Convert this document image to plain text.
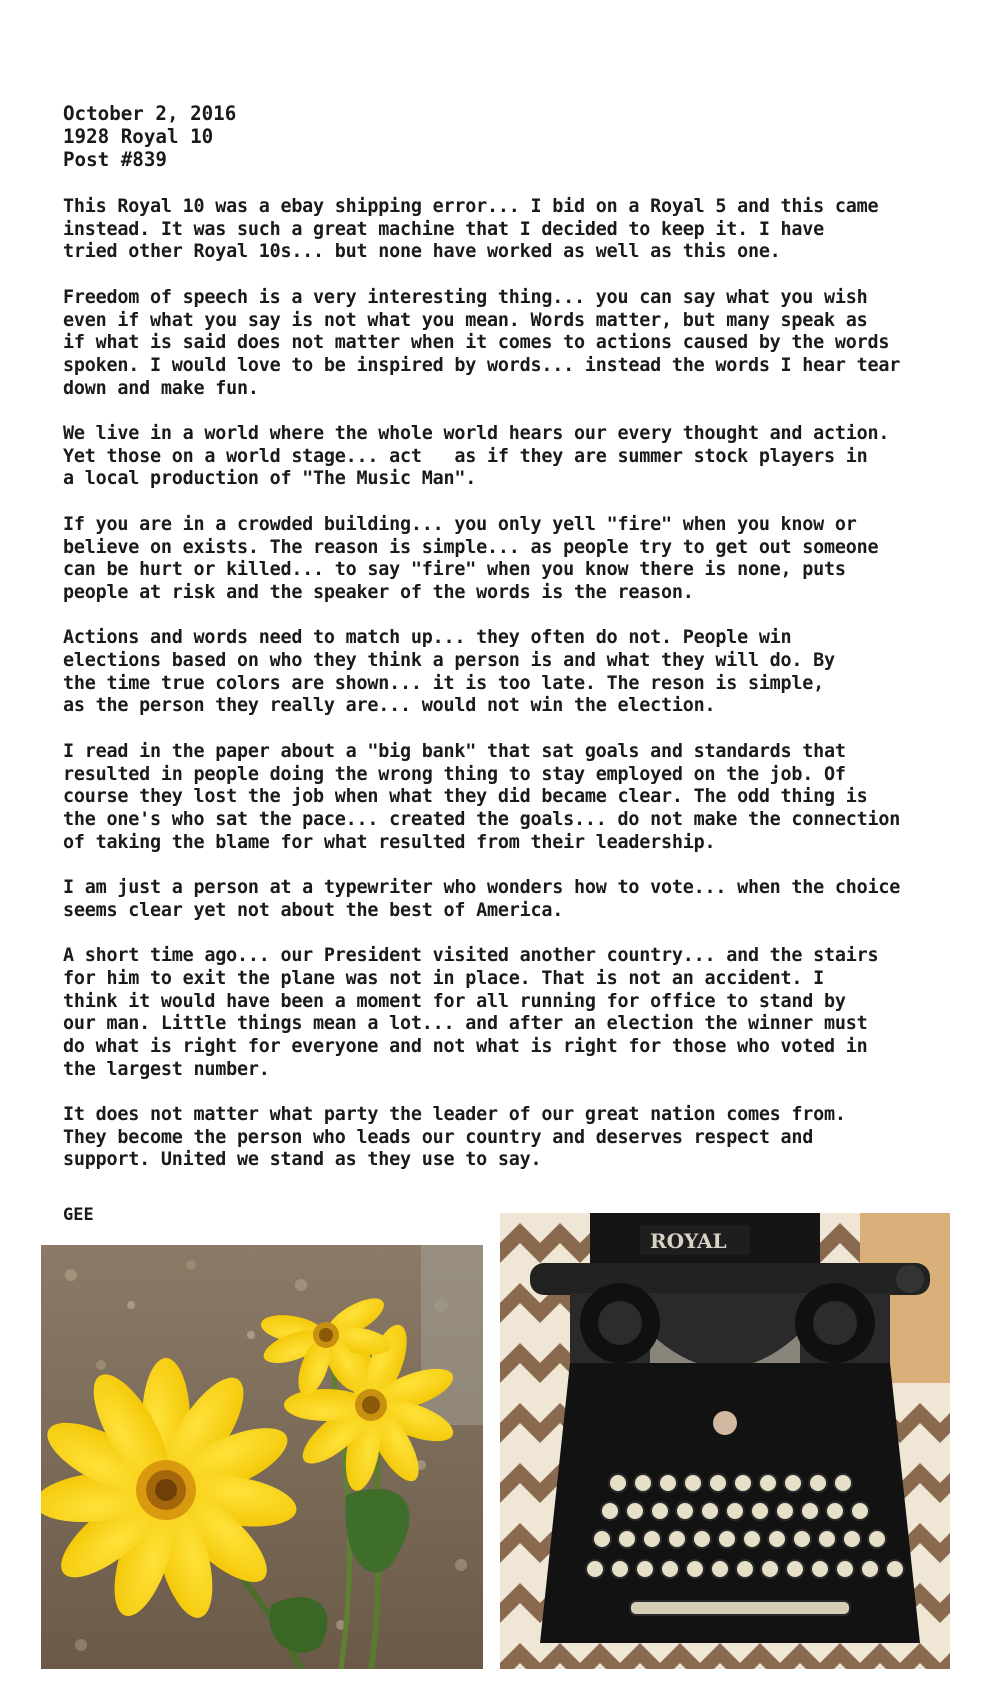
October 2, 2016
1928 Royal 10
Post #839
This Royal 10 was a ebay shipping error... I bid on a Royal 5 and this came
instead. It was such a great machine that I decided to keep it. I have
tried other Royal 10s... but none have worked as well as this one.
Freedom of speech is a very interesting thing... you can say what you wish
even if what you say is not what you mean. Words matter, but many speak as
if what is said does not matter when it comes to actions caused by the words
spoken. I would love to be inspired by words... instead the words I hear tear
down and make fun.
We live in a world where the whole world hears our every thought and action.
Yet those on a world stage... act   as if they are summer stock players in
a local production of "The Music Man".
If you are in a crowded building... you only yell "fire" when you know or
believe on exists. The reason is simple... as people try to get out someone
can be hurt or killed... to say "fire" when you know there is none, puts
people at risk and the speaker of the words is the reason.
Actions and words need to match up... they often do not. People win
elections based on who they think a person is and what they will do. By
the time true colors are shown... it is too late. The reson is simple,
as the person they really are... would not win the election.
I read in the paper about a "big bank" that sat goals and standards that
resulted in people doing the wrong thing to stay employed on the job. Of
course they lost the job when what they did became clear. The odd thing is
the one's who sat the pace... created the goals... do not make the connection
of taking the blame for what resulted from their leadership.
I am just a person at a typewriter who wonders how to vote... when the choice
seems clear yet not about the best of America.
A short time ago... our President visited another country... and the stairs
for him to exit the plane was not in place. That is not an accident. I
think it would have been a moment for all running for office to stand by
our man. Little things mean a lot... and after an election the winner must
do what is right for everyone and not what is right for those who voted in
the largest number.
It does not matter what party the leader of our great nation comes from.
They become the person who leads our country and deserves respect and
support. United we stand as they use to say.
GEE
ROYAL
